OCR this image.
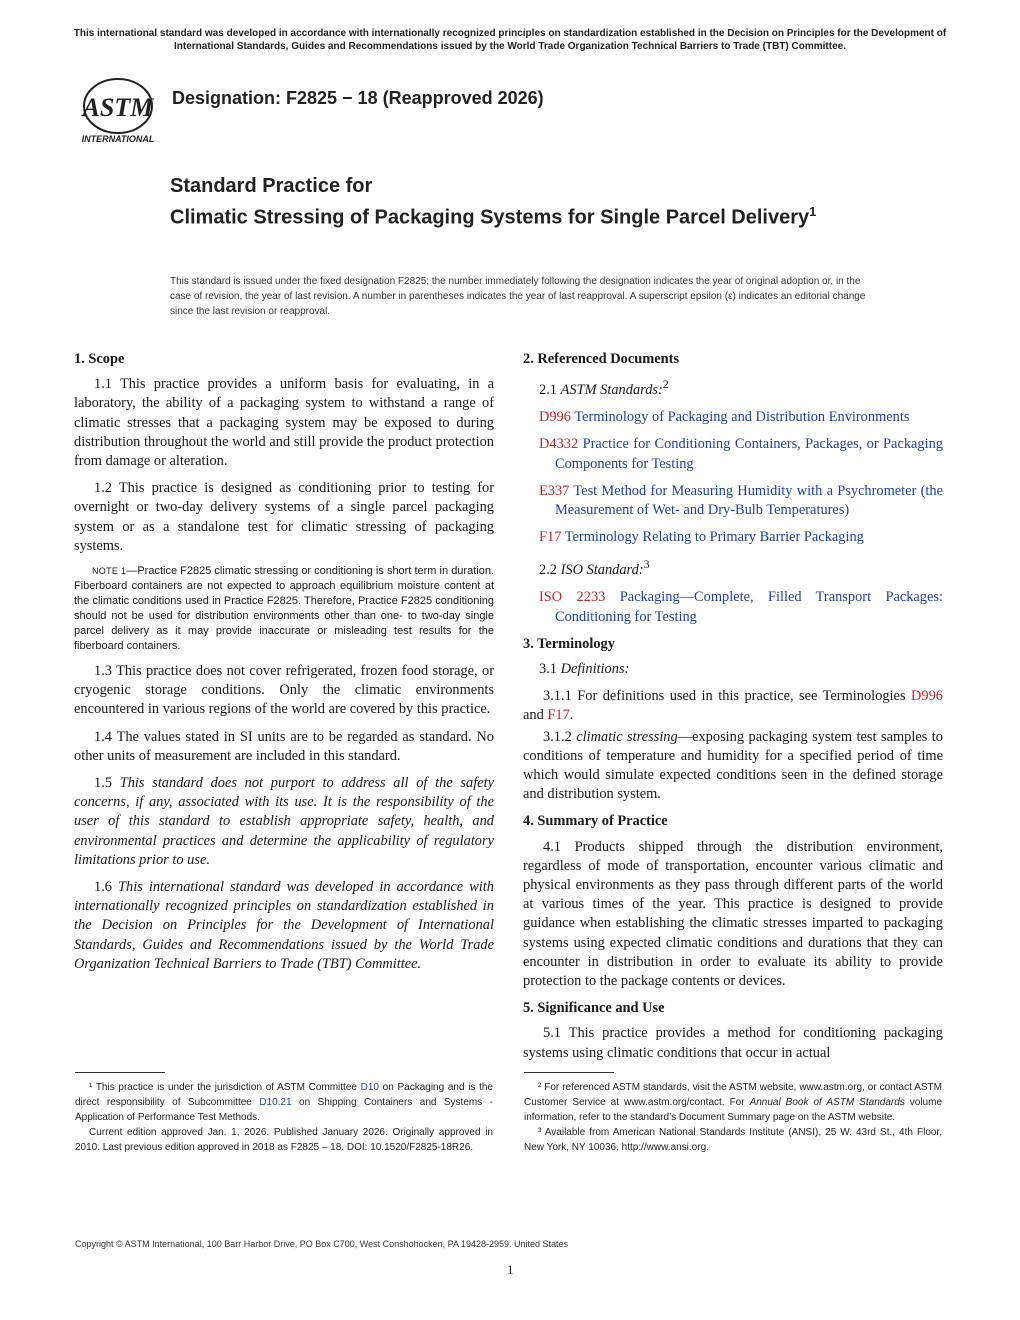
This international standard was developed in accordance with internationally recognized principles on standardization established in the Decision on Principles for the Development of International Standards, Guides and Recommendations issued by the World Trade Organization Technical Barriers to Trade (TBT) Committee.
ASTM
INTERNATIONAL
Designation: F2825 − 18 (Reapproved 2026)
Standard Practice for
Climatic Stressing of Packaging Systems for Single Parcel Delivery$^1$
This standard is issued under the fixed designation F2825; the number immediately following the designation indicates the year of original adoption or, in the case of revision, the year of last revision. A number in parentheses indicates the year of last reapproval. A superscript epsilon (ε) indicates an editorial change since the last revision or reapproval.
1. Scope

1.1 This practice provides a uniform basis for evaluating, in a laboratory, the ability of a packaging system to withstand a range of climatic stresses that a packaging system may be exposed to during distribution throughout the world and still provide the product protection from damage or alteration.

1.2 This practice is designed as conditioning prior to testing for overnight or two-day delivery systems of a single parcel packaging system or as a standalone test for climatic stressing of packaging systems.

NOTE 1—Practice F2825 climatic stressing or conditioning is short term in duration. Fiberboard containers are not expected to approach equilibrium moisture content at the climatic conditions used in Practice F2825. Therefore, Practice F2825 conditioning should not be used for distribution environments other than one- to two-day single parcel delivery as it may provide inaccurate or misleading test results for the fiberboard containers.

1.3 This practice does not cover refrigerated, frozen food storage, or cryogenic storage conditions. Only the climatic environments encountered in various regions of the world are covered by this practice.

1.4 The values stated in SI units are to be regarded as standard. No other units of measurement are included in this standard.

1.5 This standard does not purport to address all of the safety concerns, if any, associated with its use. It is the responsibility of the user of this standard to establish appropriate safety, health, and environmental practices and determine the applicability of regulatory limitations prior to use.

1.6 This international standard was developed in accordance with internationally recognized principles on standardization established in the Decision on Principles for the Development of International Standards, Guides and Recommendations issued by the World Trade Organization Technical Barriers to Trade (TBT) Committee.

2. Referenced Documents

2.1 ASTM Standards:$^2$

D996 Terminology of Packaging and Distribution Environments

D4332 Practice for Conditioning Containers, Packages, or Packaging Components for Testing

E337 Test Method for Measuring Humidity with a Psychrometer (the Measurement of Wet- and Dry-Bulb Temperatures)

F17 Terminology Relating to Primary Barrier Packaging

2.2 ISO Standard:$^3$

ISO 2233 Packaging—Complete, Filled Transport Packages: Conditioning for Testing

3. Terminology

3.1 Definitions:

3.1.1 For definitions used in this practice, see Terminologies D996 and F17.

3.1.2 climatic stressing—exposing packaging system test samples to conditions of temperature and humidity for a specified period of time which would simulate expected conditions seen in the defined storage and distribution system.

4. Summary of Practice

4.1 Products shipped through the distribution environment, regardless of mode of transportation, encounter various climatic and physical environments as they pass through different parts of the world at various times of the year. This practice is designed to provide guidance when establishing the climatic stresses imparted to packaging systems using expected climatic conditions and durations that they can encounter in distribution in order to evaluate its ability to provide protection to the package contents or devices.

5. Significance and Use

5.1 This practice provides a method for conditioning packaging systems using climatic conditions that occur in actual

¹ This practice is under the jurisdiction of ASTM Committee D10 on Packaging and is the direct responsibility of Subcommittee D10.21 on Shipping Containers and Systems - Application of Performance Test Methods.

Current edition approved Jan. 1, 2026. Published January 2026. Originally approved in 2010. Last previous edition approved in 2018 as F2825 – 18. DOI: 10.1520/F2825-18R26.

² For referenced ASTM standards, visit the ASTM website, www.astm.org, or contact ASTM Customer Service at www.astm.org/contact. For Annual Book of ASTM Standards volume information, refer to the standard’s Document Summary page on the ASTM website.

³ Available from American National Standards Institute (ANSI), 25 W. 43rd St., 4th Floor, New York, NY 10036, http://www.ansi.org.

Copyright © ASTM International, 100 Barr Harbor Drive, PO Box C700, West Conshohocken, PA 19428-2959. United States
1
